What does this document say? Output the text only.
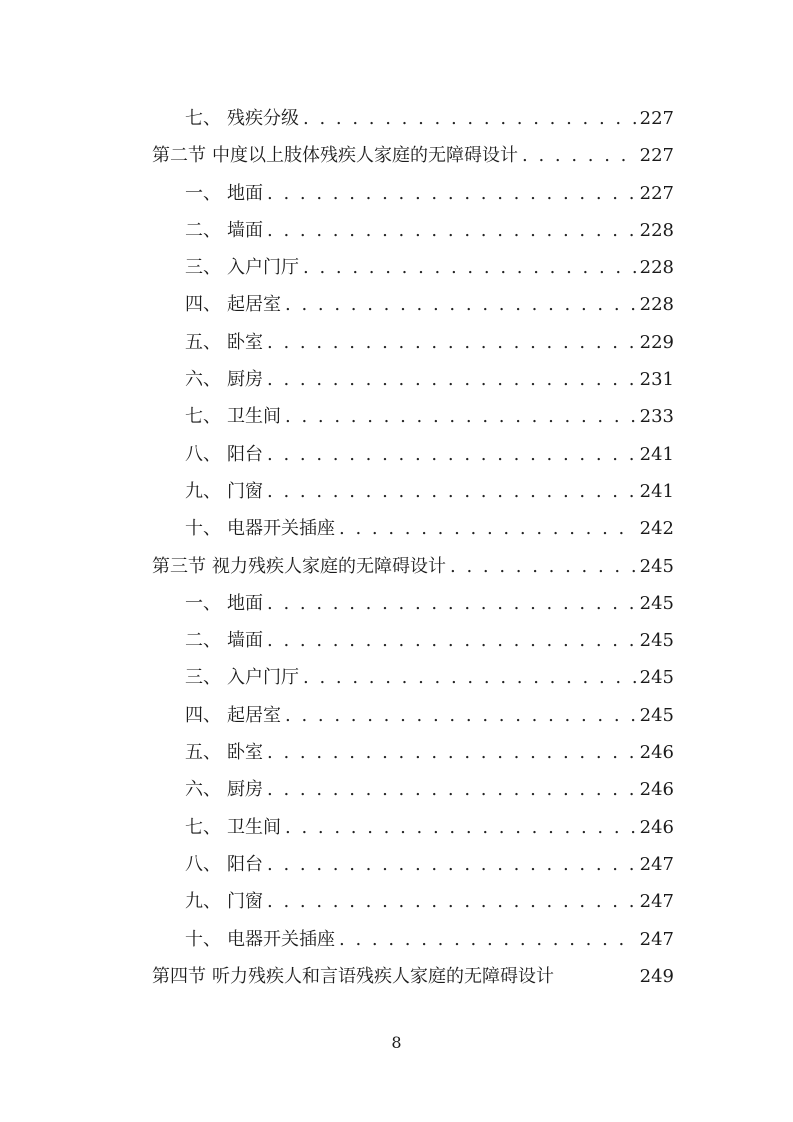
七、 残疾分级 . . .	227
第二节 中度以上肢体残疾人家庭的无障碍设计 . . .	227
一、 地面 . . .	227
二、 墙面 . . .	228
三、 入户门厅 . . .	228
四、 起居室 . . .	228
五、 卧室 . . .	229
六、 厨房 . . .	231
七、 卫生间 . . .	233
八、 阳台 . . .	241
九、 门窗 . . .	241
十、 电器开关插座 . . .	242
第三节 视力残疾人家庭的无障碍设计 . . .	245
一、 地面 . . .	245
二、 墙面 . . .	245
三、 入户门厅 . . .	245
四、 起居室 . . .	245
五、 卧室 . . .	246
六、 厨房 . . .	246
七、 卫生间 . . .	246
八、 阳台 . . .	247
九、 门窗 . . .	247
十、 电器开关插座 . . .	247
第四节 听力残疾人和言语残疾人家庭的无障碍设计	249
8
